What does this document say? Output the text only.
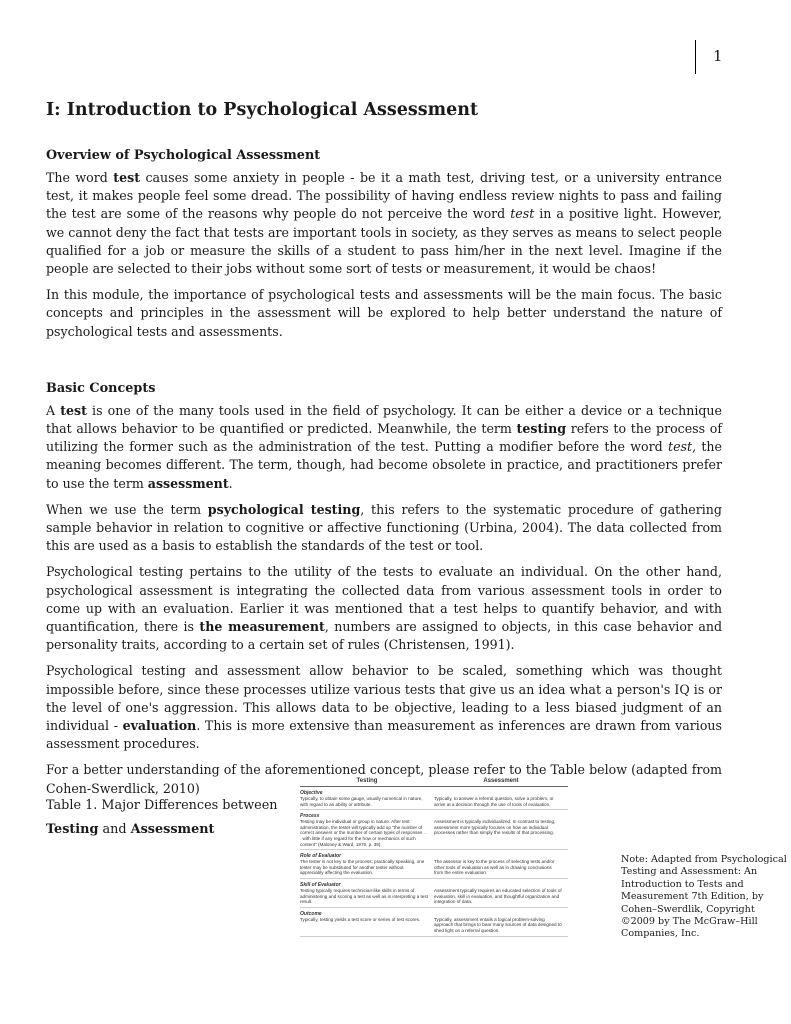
1
I: Introduction to Psychological Assessment
Overview of Psychological Assessment

The word test causes some anxiety in people - be it a math test, driving test, or a university entrance test, it makes people feel some dread. The possibility of having endless review nights to pass and failing the test are some of the reasons why people do not perceive the word test in a positive light. However, we cannot deny the fact that tests are important tools in society, as they serves as means to select people qualified for a job or measure the skills of a student to pass him/her in the next level. Imagine if the people are selected to their jobs without some sort of tests or measurement, it would be chaos!

In this module, the importance of psychological tests and assessments will be the main focus. The basic concepts and principles in the assessment will be explored to help better understand the nature of psychological tests and assessments.

Basic Concepts

A test is one of the many tools used in the field of psychology. It can be either a device or a technique that allows behavior to be quantified or predicted. Meanwhile, the term testing refers to the process of utilizing the former such as the administration of the test. Putting a modifier before the word test, the meaning becomes different. The term, though, had become obsolete in practice, and practitioners prefer to use the term assessment.

When we use the term psychological testing, this refers to the systematic procedure of gathering sample behavior in relation to cognitive or affective functioning (Urbina, 2004). The data collected from this are used as a basis to establish the standards of the test or tool.

Psychological testing pertains to the utility of the tests to evaluate an individual. On the other hand, psychological assessment is integrating the collected data from various assessment tools in order to come up with an evaluation. Earlier it was mentioned that a test helps to quantify behavior, and with quantification, there is the measurement, numbers are assigned to objects, in this case behavior and personality traits, according to a certain set of rules (Christensen, 1991).

Psychological testing and assessment allow behavior to be scaled, something which was thought impossible before, since these processes utilize various tests that give us an idea what a person's IQ is or the level of one's aggression. This allows data to be objective, leading to a less biased judgment of an individual - evaluation. This is more extensive than measurement as inferences are drawn from various assessment procedures.

For a better understanding of the aforementioned concept, please refer to the Table below (adapted from Cohen-Swerdlick, 2010)

Table 1. Major Differences between
Testing and Assessment
Testing	Assessment
Objective
Typically, to obtain some gauge, usually numerical in nature, with regard to an ability or attribute.
Typically, to answer a referral question, solve a problem, or arrive at a decision through the use of tools of evaluation.
Process
Testing may be individual or group in nature. After test administration, the tester will typically add up "the number of correct answers or the number of certain types of responses . . . with little if any regard for the how or mechanics of such content" (Maloney & Ward, 1976, p. 39).
Assessment is typically individualized. In contrast to testing, assessment more typically focuses on how an individual processes rather than simply the results of that processing.
Role of Evaluator
The tester is not key to the process; practically speaking, one tester may be substituted for another tester without appreciably affecting the evaluation.
The assessor is key to the process of selecting tests and/or other tools of evaluation as well as in drawing conclusions from the entire evaluation.
Skill of Evaluator
Testing typically requires technician-like skills in terms of administering and scoring a test as well as in interpreting a test result.
Assessment typically requires an educated selection of tools of evaluation, skill in evaluation, and thoughtful organization and integration of data.
Outcome
Typically, testing yields a test score or series of test scores.	Typically, assessment entails a logical problem-solving approach that brings to bear many sources of data designed to shed light on a referral question.
Note: Adapted from Psychological Testing and Assessment: An Introduction to Tests and Measurement 7th Edition, by Cohen–Swerdlik, Copyright ©2009 by The McGraw–Hill Companies, Inc.
